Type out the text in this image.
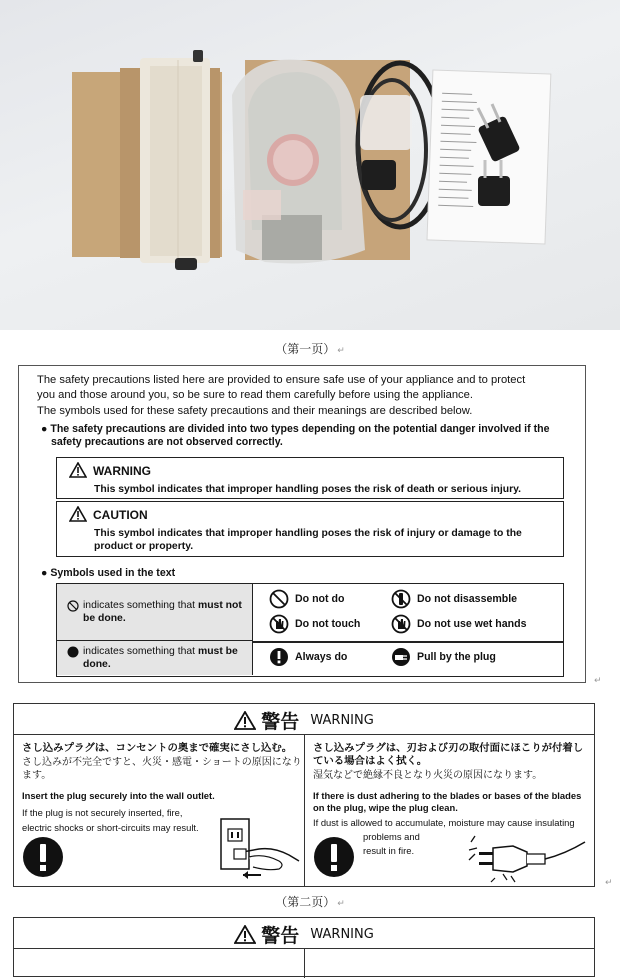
（第一页） ↵
The safety precautions listed here are provided to ensure safe use of your appliance and to protect
you and those around you, so be sure to read them carefully before using the appliance.
The symbols used for these safety precautions and their meanings are described below.
● The safety precautions are divided into two types depending on the potential danger involved if the
safety precautions are not observed correctly.
WARNING
This symbol indicates that improper handling poses the risk of death or serious injury.
CAUTION
This symbol indicates that improper handling poses the risk of injury or damage to the product or property.
● Symbols used in the text
indicates something that must not be done.
indicates something that must be done.
Do not do	Do not disassemble
Do not touch	Do not use wet hands
Always do	Pull by the plug
↵
警告 WARNING
さし込みプラグは、コンセントの奥まで確実にさし込む。
さし込みが不完全ですと、火災・感電・ショートの原因になります。
Insert the plug securely into the wall outlet.
If the plug is not securely inserted, fire,
electric shocks or short-circuits may result.
さし込みプラグは、刃および刃の取付面にほこりが付着している場合はよく拭く。
湿気などで絶縁不良となり火災の原因になります。
If there is dust adhering to the blades or bases of the blades on the plug, wipe the plug clean.
If dust is allowed to accumulate, moisture may cause insulating
problems and
result in fire.
↵
（第二页） ↵
警告 WARNING
